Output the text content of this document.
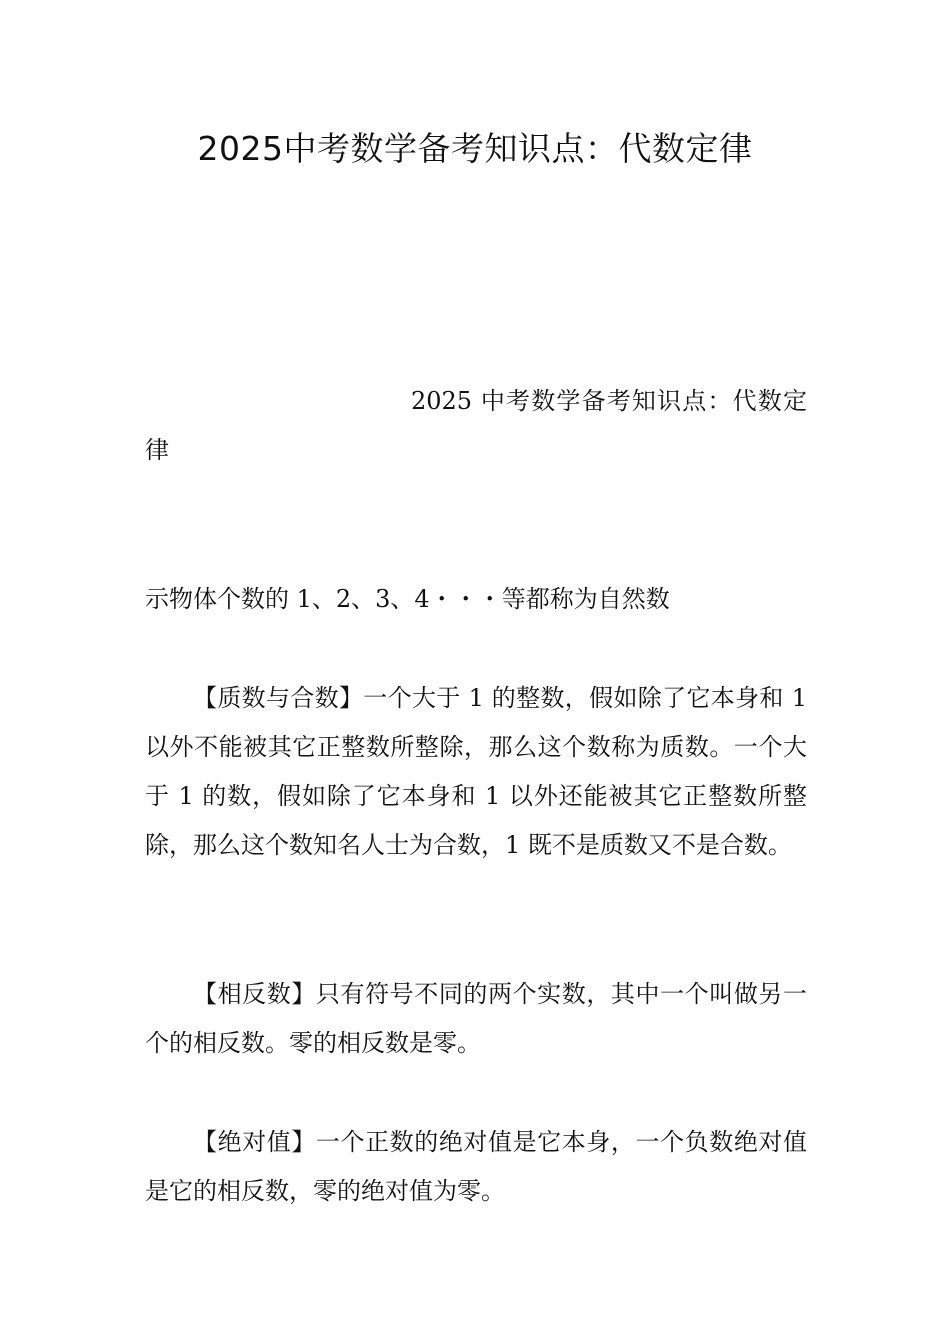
2025中考数学备考知识点：代数定律

2025 中考数学备考知识点：代数定律

示物体个数的 1、2、3、4・・・等都称为自然数

【质数与合数】一个大于 1 的整数，假如除了它本身和 1 以外不能被其它正整数所整除，那么这个数称为质数。一个大于 1 的数，假如除了它本身和 1 以外还能被其它正整数所整除，那么这个数知名人士为合数，1 既不是质数又不是合数。

【相反数】只有符号不同的两个实数，其中一个叫做另一个的相反数。零的相反数是零。

【绝对值】一个正数的绝对值是它本身，一个负数绝对值是它的相反数，零的绝对值为零。
